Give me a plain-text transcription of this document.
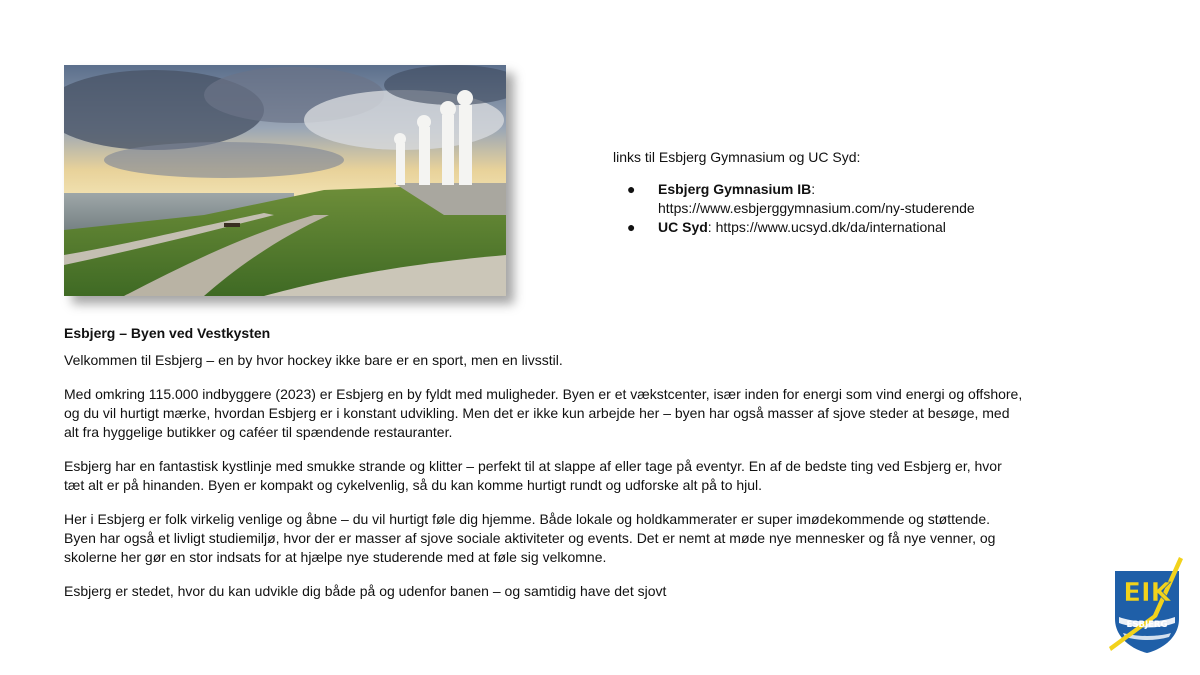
links til Esbjerg Gymnasium og UC Syd:

● Esbjerg Gymnasium IB:
https://www.esbjerggymnasium.com/ny-studerende
● UC Syd: https://www.ucsyd.dk/da/international
Esbjerg – Byen ved Vestkysten

Velkommen til Esbjerg – en by hvor hockey ikke bare er en sport, men en livsstil.

Med omkring 115.000 indbyggere (2023) er Esbjerg en by fyldt med muligheder. Byen er et vækstcenter, især inden for energi som vind energi og offshore, og du vil hurtigt mærke, hvordan Esbjerg er i konstant udvikling. Men det er ikke kun arbejde her – byen har også masser af sjove steder at besøge, med alt fra hyggelige butikker og caféer til spændende restauranter.

Esbjerg har en fantastisk kystlinje med smukke strande og klitter – perfekt til at slappe af eller tage på eventyr. En af de bedste ting ved Esbjerg er, hvor tæt alt er på hinanden. Byen er kompakt og cykelvenlig, så du kan komme hurtigt rundt og udforske alt på to hjul.

Her i Esbjerg er folk virkelig venlige og åbne – du vil hurtigt føle dig hjemme. Både lokale og holdkammerater er super imødekommende og støttende. Byen har også et livligt studiemiljø, hvor der er masser af sjove sociale aktiviteter og events. Det er nemt at møde nye mennesker og få nye venner, og skolerne her gør en stor indsats for at hjælpe nye studerende med at føle sig velkomne.

Esbjerg er stedet, hvor du kan udvikle dig både på og udenfor banen – og samtidig have det sjovt	EIK
ESBJERG
